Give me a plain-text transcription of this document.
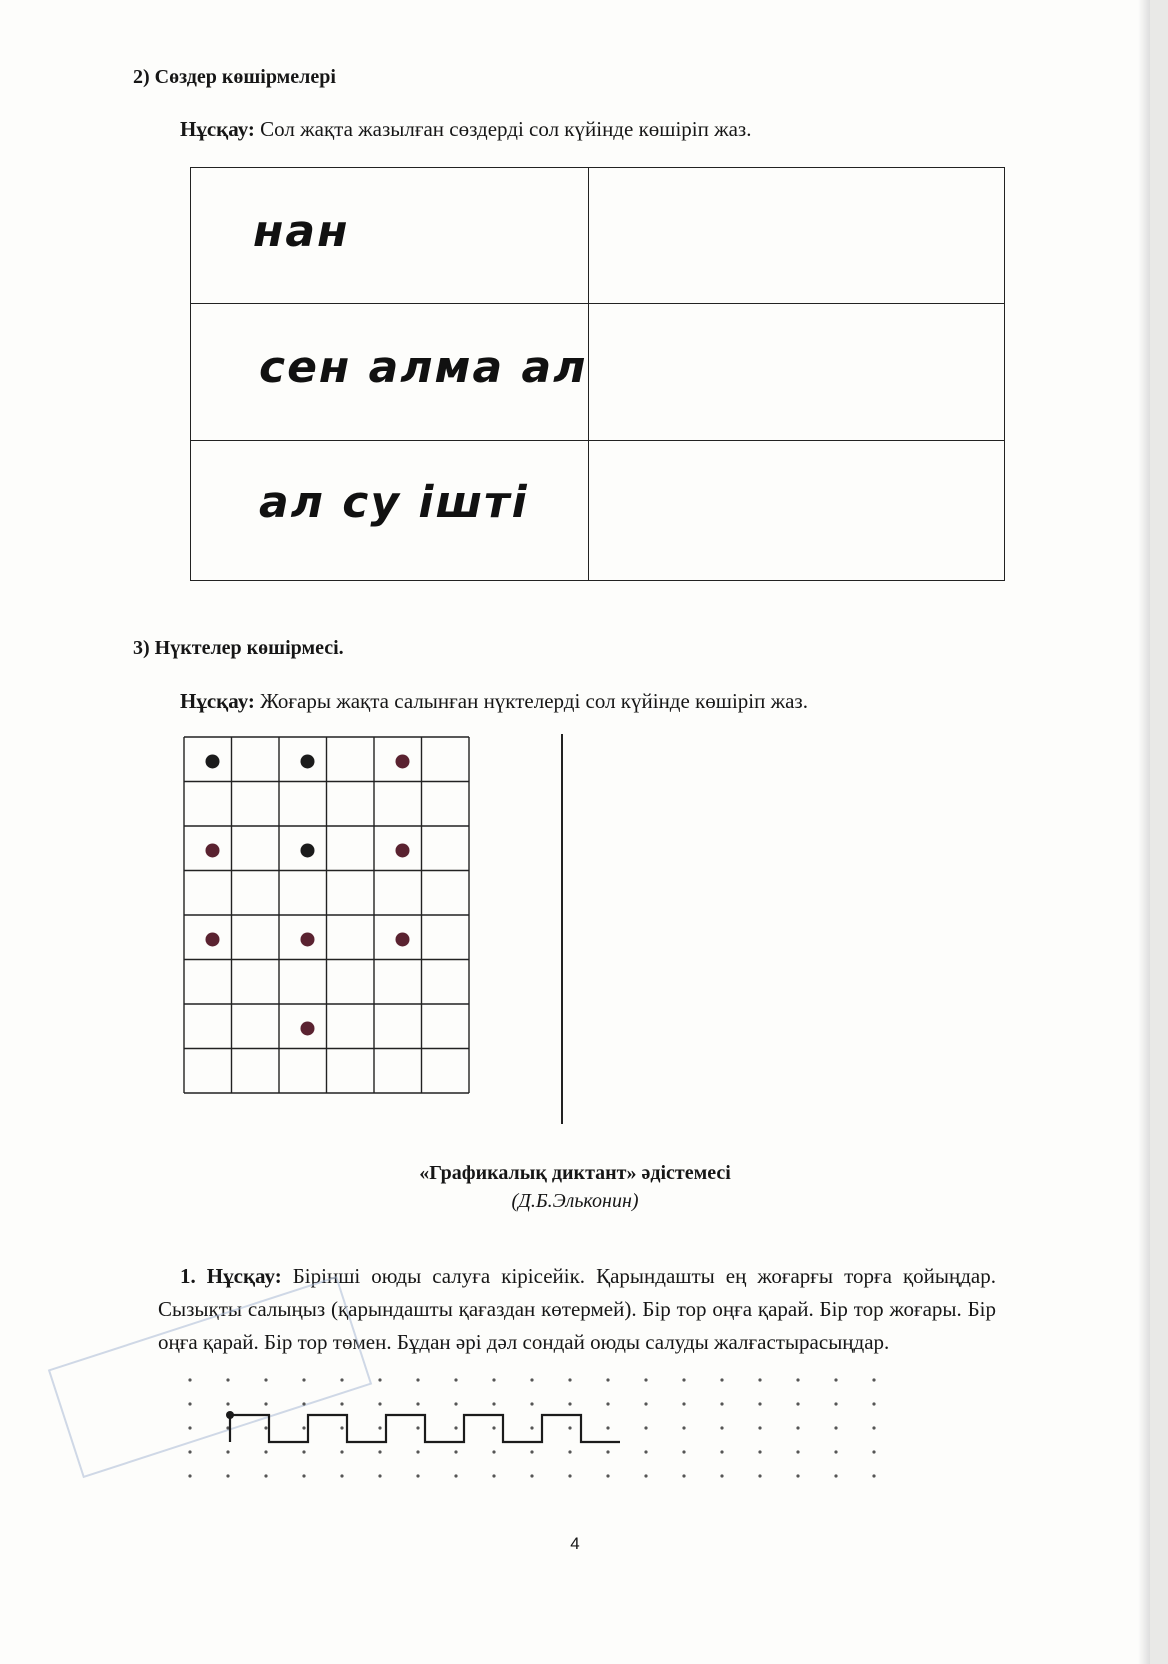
2) Сөздер көшірмелері
Нұсқау: Сол жақта жазылған сөздерді сол күйінде көшіріп жаз.
нан	

сен алма ал	

ал су ішті	

3) Нүктелер көшірмесі.
Нұсқау: Жоғары жақта салынған нүктелерді сол күйінде көшіріп жаз.
«Графикалық диктант» әдістемесі
(Д.Б.Эльконин)
1. Нұсқау: Бірінші оюды салуға кірісейік. Қарындашты ең жоғарғы торға қойыңдар. Сызықты салыңыз (қарындашты қағаздан көтермей). Бір тор оңға қарай. Бір тор жоғары. Бір оңға қарай. Бір тор төмен. Бұдан әрі дәл сондай оюды салуды жалғастырасыңдар.
4
